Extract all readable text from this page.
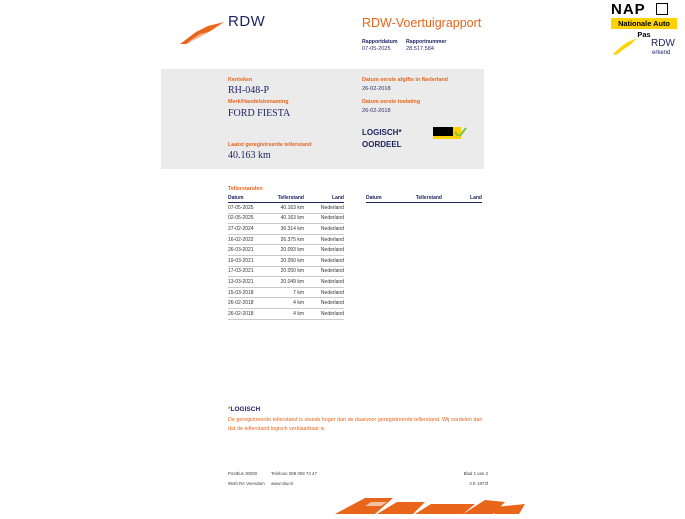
RDW	RDW-Voertuigrapport
Rapportdatum
07-05-2025
Rapportnummer
28.517.584
NAP
Nationale Auto Pas
RDW
erkend
Kenteken
RH-048-P
Merk/Handelsbenaming
FORD FIESTA
Laatst geregistreerde tellerstand
40.163 km
Datum eerste afgifte in Nederland
26-02-2018
Datum eerste toelating
26-02-2018
LOGISCH*
OORDEEL
Tellerstanden
Datum	Tellerstand	Land
07-05-2025	40.163 km	Nederland
02-05-2025	40.163 km	Nederland
27-02-2024	36.314 km	Nederland
16-02-2022	26.375 km	Nederland
26-03-2021	20.093 km	Nederland
19-03-2021	20.050 km	Nederland
17-03-2021	20.050 km	Nederland
13-03-2021	20.049 km	Nederland
15-03-2018	7 km	Nederland
26-02-2018	4 km	Nederland
26-02-2018	4 km	Nederland
Datum	Tellerstand	Land
*LOGISCH
De geregistreerde tellerstand is steeds hoger dan de daarvoor geregistreerde tellerstand. Wij oordelen dan
dat de tellerstand logisch verklaarbaar is.
Postbus 30000
9640 RA Veendam
Telefoon 088 008 74 47
www.rdw.nl
Blad 1 van 3
3 E 1973f
